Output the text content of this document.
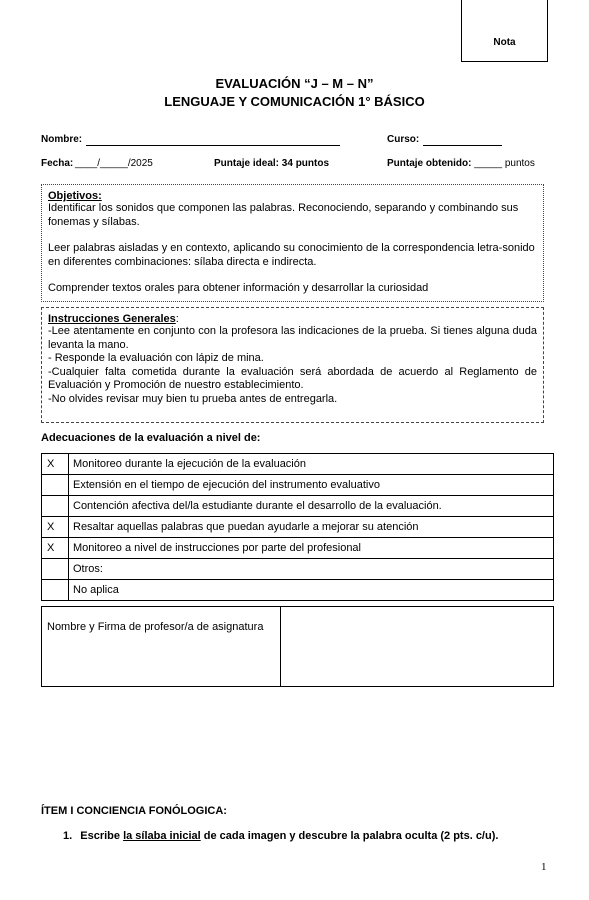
Nota
EVALUACIÓN “J – M – N”
LENGUAJE Y COMUNICACIÓN 1° BÁSICO
Nombre:	Curso:
Fecha: ____/_____/2025	Puntaje ideal: 34 puntos	Puntaje obtenido: _____ puntos
Objetivos:
Identificar los sonidos que componen las palabras. Reconociendo, separando y combinando sus fonemas y sílabas.
Leer palabras aisladas y en contexto, aplicando su conocimiento de la correspondencia letra-sonido en diferentes combinaciones: sílaba directa e indirecta.
Comprender textos orales para obtener información y desarrollar la curiosidad
Instrucciones Generales:
-Lee atentamente en conjunto con la profesora las indicaciones de la prueba. Si tienes alguna duda levanta la mano.
- Responde la evaluación con lápiz de mina.
-Cualquier falta cometida durante la evaluación será abordada de acuerdo al Reglamento de Evaluación y Promoción de nuestro establecimiento.
-No olvides revisar muy bien tu prueba antes de entregarla.
Adecuaciones de la evaluación a nivel de:
X	Monitoreo durante la ejecución de la evaluación
	Extensión en el tiempo de ejecución del instrumento evaluativo
	Contención afectiva del/la estudiante durante el desarrollo de la evaluación.
X	Resaltar aquellas palabras que puedan ayudarle a mejorar su atención
X	Monitoreo a nivel de instrucciones por parte del profesional
	Otros:
	No aplica
Nombre y Firma de profesor/a de asignatura	
ÍTEM I CONCIENCIA FONÓLOGICA:
1. Escribe la sílaba inicial de cada imagen y descubre la palabra oculta (2 pts. c/u).
1
